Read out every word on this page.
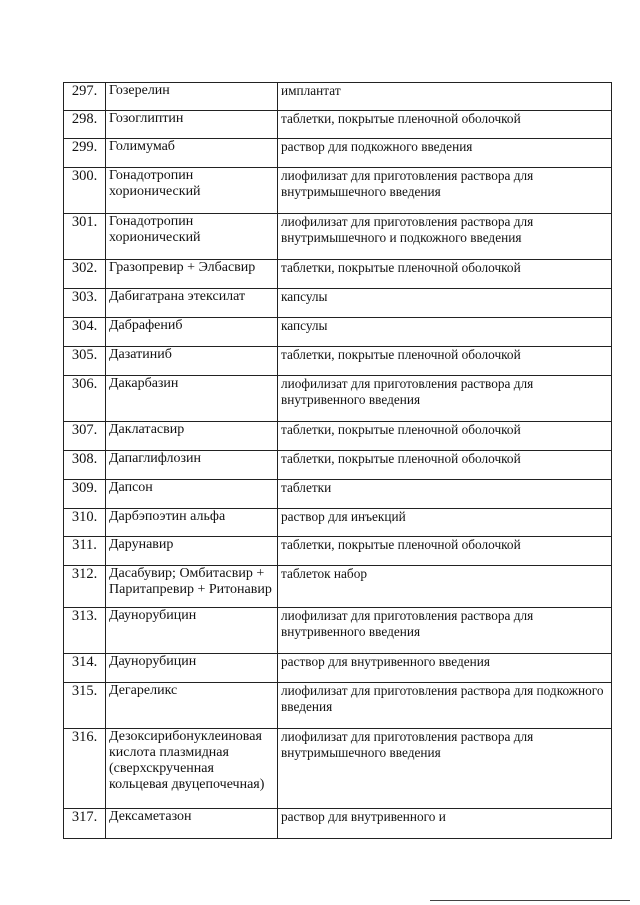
297.	Гозерелин	имплантат
298.	Гозоглиптин	таблетки, покрытые пленочной оболочкой
299.	Голимумаб	раствор для подкожного введения
300.	Гонадотропин хорионический	лиофилизат для приготовления раствора для внутримышечного введения
301.	Гонадотропин хорионический	лиофилизат для приготовления раствора для внутримышечного и подкожного введения
302.	Гразопревир + Элбасвир	таблетки, покрытые пленочной оболочкой
303.	Дабигатрана этексилат	капсулы
304.	Дабрафениб	капсулы
305.	Дазатиниб	таблетки, покрытые пленочной оболочкой
306.	Дакарбазин	лиофилизат для приготовления раствора для внутривенного введения
307.	Даклатасвир	таблетки, покрытые пленочной оболочкой
308.	Дапаглифлозин	таблетки, покрытые пленочной оболочкой
309.	Дапсон	таблетки
310.	Дарбэпоэтин альфа	раствор для инъекций
311.	Дарунавир	таблетки, покрытые пленочной оболочкой
312.	Дасабувир; Омбитасвир + Паритапревир + Ритонавир	таблеток набор
313.	Даунорубицин	лиофилизат для приготовления раствора для внутривенного введения
314.	Даунорубицин	раствор для внутривенного введения
315.	Дегареликс	лиофилизат для приготовления раствора для подкожного введения
316.	Дезоксирибонуклеиновая кислота плазмидная (сверхскрученная кольцевая двуцепочечная)	лиофилизат для приготовления раствора для внутримышечного введения
317.	Дексаметазон	раствор для внутривенного и
